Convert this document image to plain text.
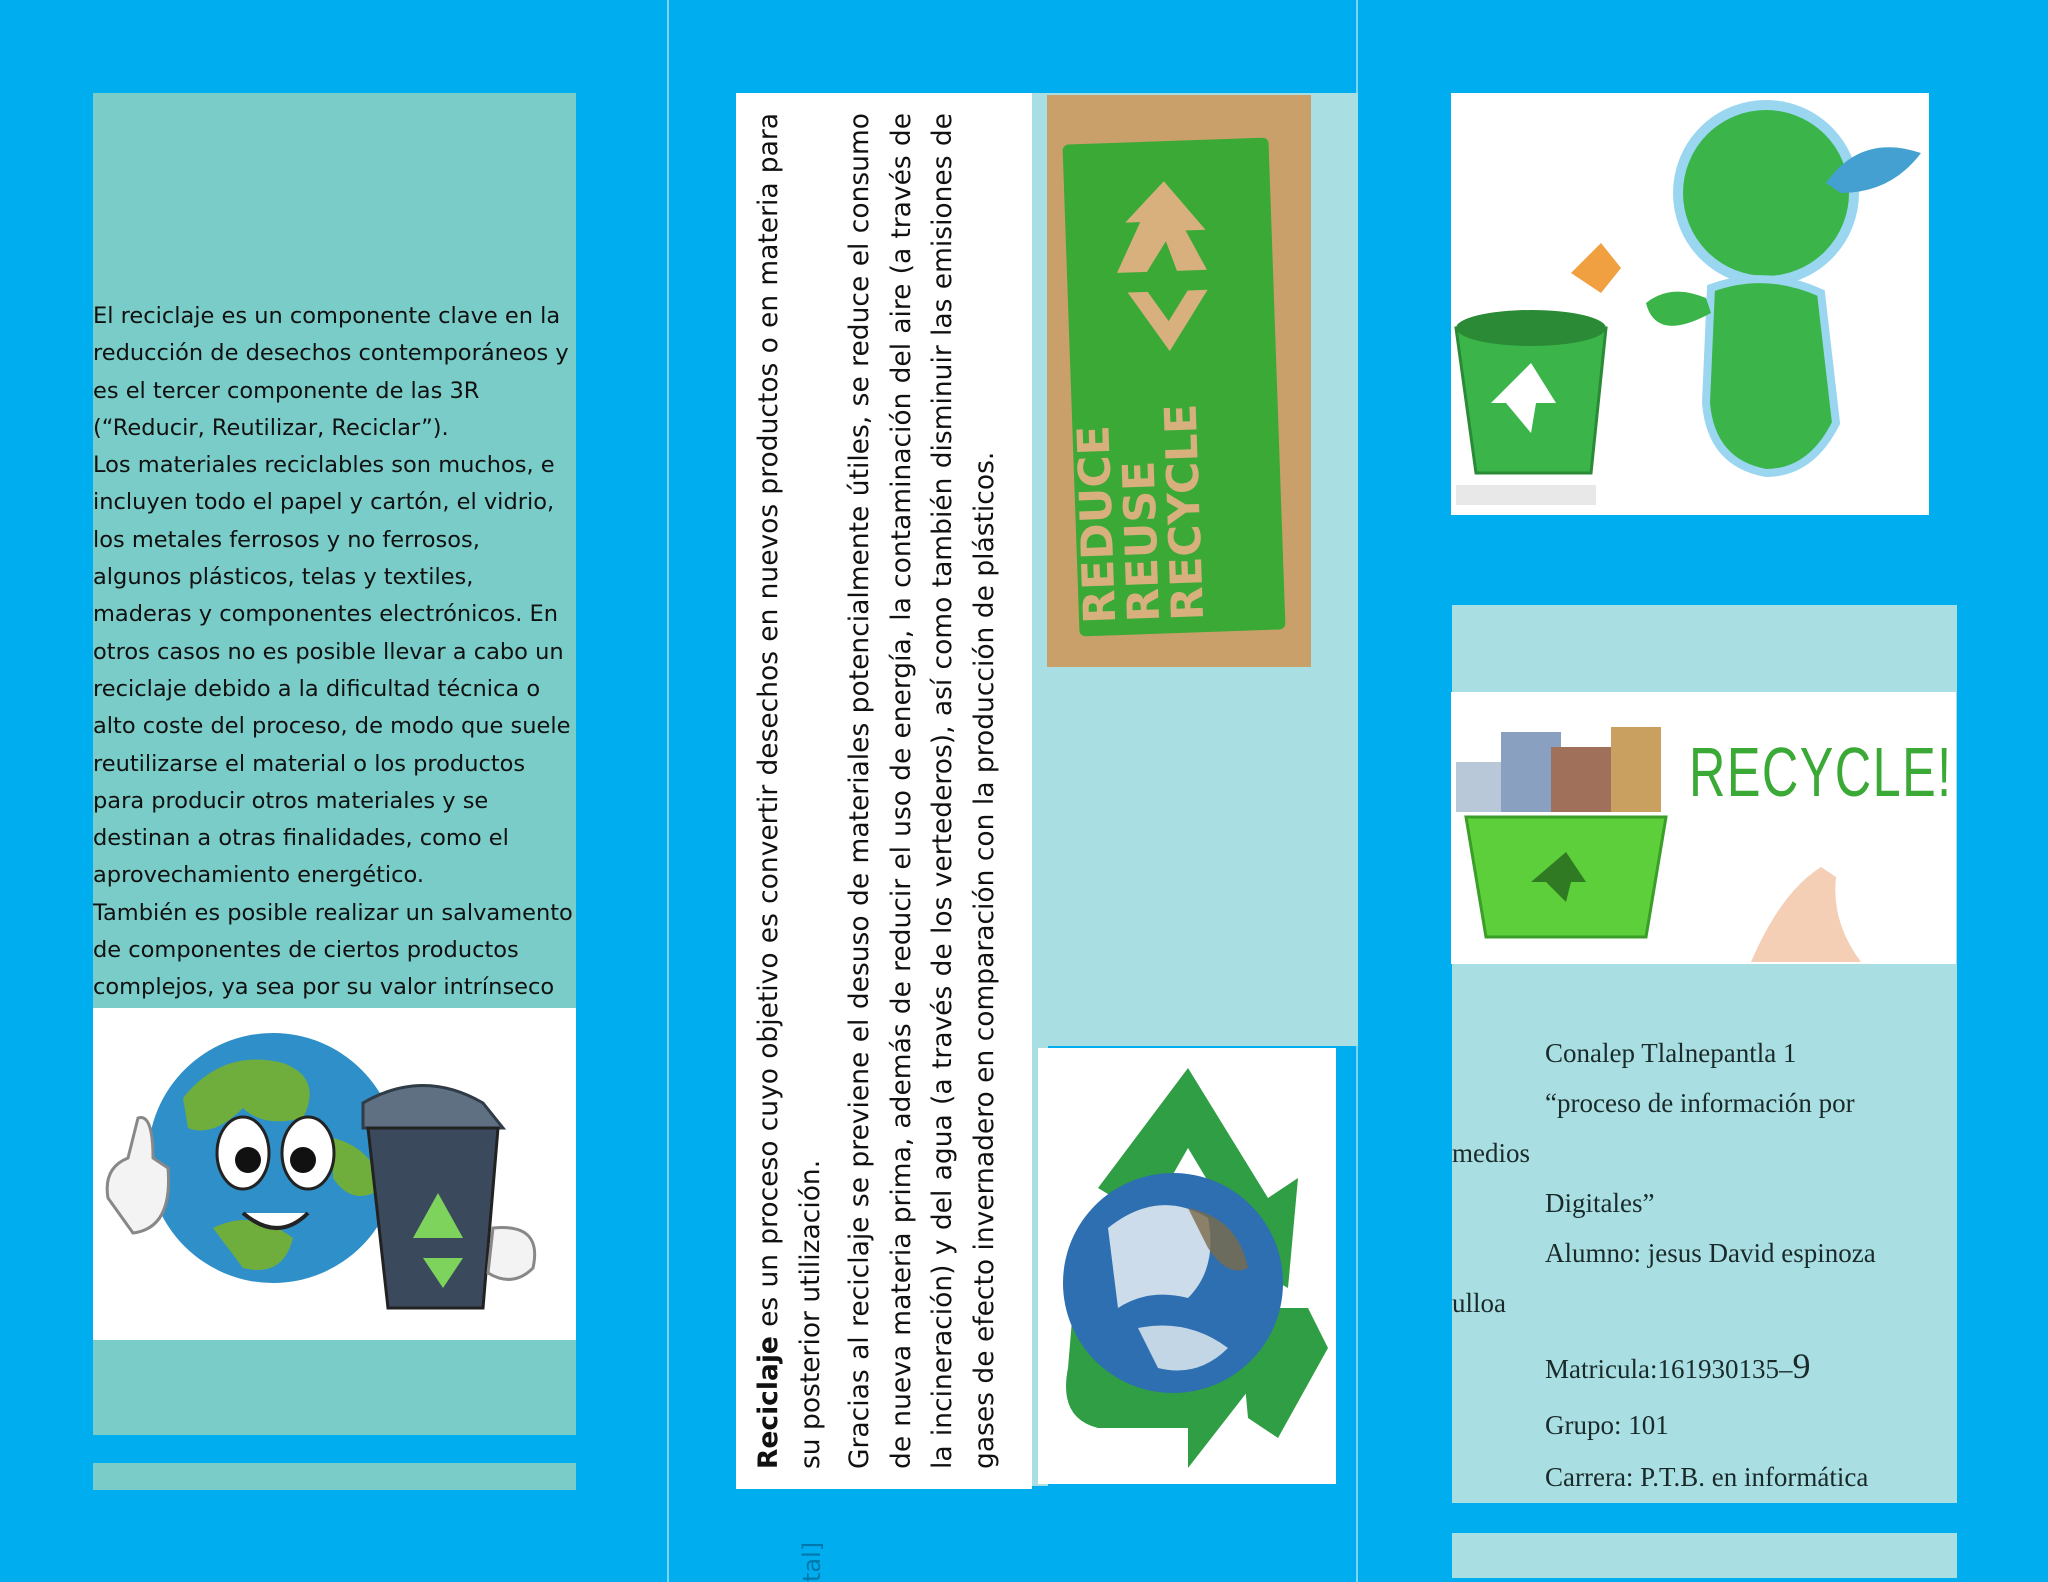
El reciclaje es un componente clave en la reducción de desechos contemporáneos y es el tercer componente de las 3R (“Reducir, Reutilizar, Reciclar”).

Los materiales reciclables son muchos, e incluyen todo el papel y cartón, el vidrio, los metales ferrosos y no ferrosos, algunos plásticos, telas y textiles, maderas y componentes electrónicos. En otros casos no es posible llevar a cabo un reciclaje debido a la dificultad técnica o alto coste del proceso, de modo que suele reutilizarse el material o los productos para producir otros materiales y se destinan a otras finalidades, como el aprovechamiento energético.

También es posible realizar un salvamento de componentes de ciertos productos complejos, ya sea por su valor intrínseco

Reciclaje es un proceso cuyo objetivo es convertir desechos en nuevos productos o en materia para su posterior utilización. Gracias al reciclaje se previene el desuso de materiales potencialmente útiles, se reduce el consumo de nueva materia prima, además de reducir el uso de energía, la contaminación del aire (a través de la incineración) y del agua (a través de los vertederos), así como también disminuir las emisiones de gases de efecto invernadero en comparación con la producción de plásticos. REDUCE
REUSE
RECYCLE
tal]
RECYCLE!
Conalep Tlalnepantla 1
“proceso de información por
medios
Digitales”
Alumno: jesus David espinoza
ulloa
Matricula:161930135–9
Grupo: 101
Carrera: P.T.B. en informática
